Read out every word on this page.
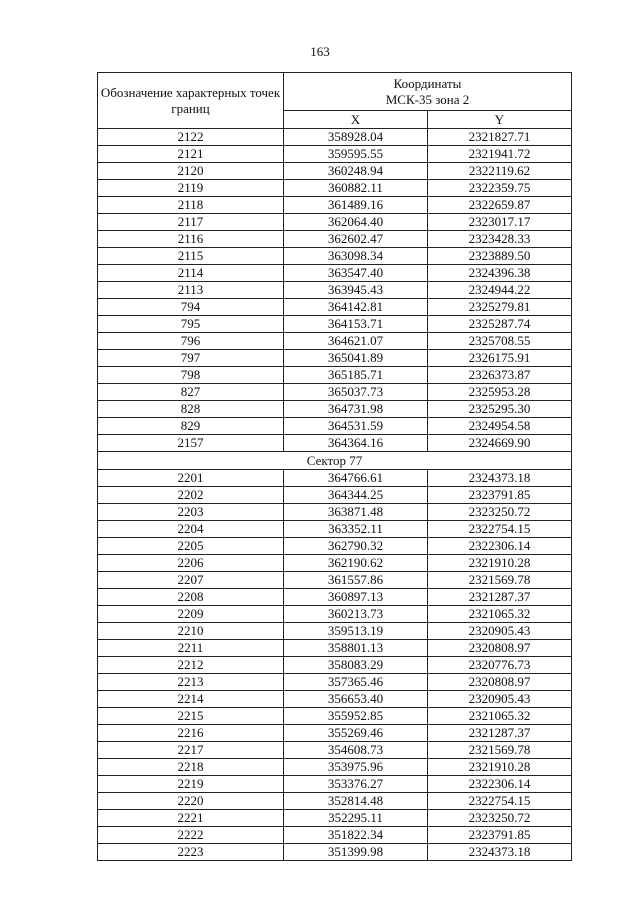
163
Обозначение характерных точек границ	Координаты
МСК-35 зона 2	

	X	Y
2122	358928.04	2321827.71
2121	359595.55	2321941.72
2120	360248.94	2322119.62
2119	360882.11	2322359.75
2118	361489.16	2322659.87
2117	362064.40	2323017.17
2116	362602.47	2323428.33
2115	363098.34	2323889.50
2114	363547.40	2324396.38
2113	363945.43	2324944.22
794	364142.81	2325279.81
795	364153.71	2325287.74
796	364621.07	2325708.55
797	365041.89	2326175.91
798	365185.71	2326373.87
827	365037.73	2325953.28
828	364731.98	2325295.30
829	364531.59	2324954.58
2157	364364.16	2324669.90
Сектор 77		
2201	364766.61	2324373.18
2202	364344.25	2323791.85
2203	363871.48	2323250.72
2204	363352.11	2322754.15
2205	362790.32	2322306.14
2206	362190.62	2321910.28
2207	361557.86	2321569.78
2208	360897.13	2321287.37
2209	360213.73	2321065.32
2210	359513.19	2320905.43
2211	358801.13	2320808.97
2212	358083.29	2320776.73
2213	357365.46	2320808.97
2214	356653.40	2320905.43
2215	355952.85	2321065.32
2216	355269.46	2321287.37
2217	354608.73	2321569.78
2218	353975.96	2321910.28
2219	353376.27	2322306.14
2220	352814.48	2322754.15
2221	352295.11	2323250.72
2222	351822.34	2323791.85
2223	351399.98	2324373.18
